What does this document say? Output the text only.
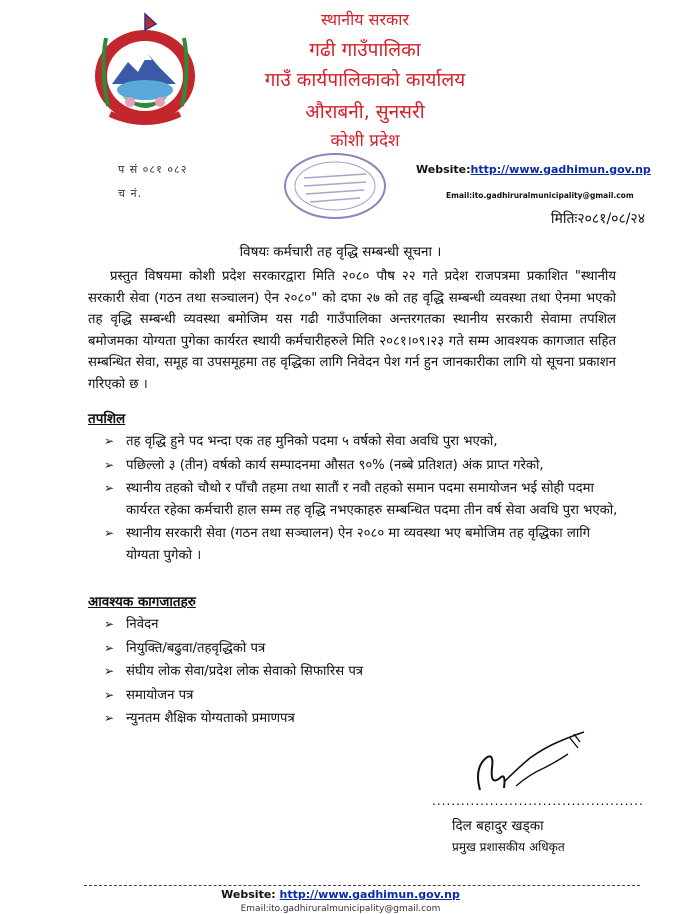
स्थानीय सरकार
गढी गाउँपालिका
गाउँ कार्यपालिकाको कार्यालय
औराबनी, सुनसरी
कोशी प्रदेश
प सं ०८१ ०८२
च नं.
Website:http://www.gadhimun.gov.np
Email:ito.gadhiruralmunicipality@gmail.com
मितिः२०८१/०८/२४
विषयः कर्मचारी तह वृद्धि सम्बन्धी सूचना ।

प्रस्तुत विषयमा कोशी प्रदेश सरकारद्वारा मिति २०८० पौष २२ गते प्रदेश राजपत्रमा प्रकाशित "स्थानीय सरकारी सेवा (गठन तथा सञ्चालन) ऐन २०८०" को दफा २७ को तह वृद्धि सम्बन्धी व्यवस्था तथा ऐनमा भएको तह वृद्धि सम्बन्धी व्यवस्था बमोजिम यस गढी गाउँपालिका अन्तरगतका स्थानीय सरकारी सेवामा तपशिल बमोजमका योग्यता पुगेका कार्यरत स्थायी कर्मचारीहरुले मिति २०८१।०९।२३ गते सम्म आवश्यक कागजात सहित सम्बन्धित सेवा, समूह वा उपसमूहमा तह वृद्धिका लागि निवेदन पेश गर्न हुन जानकारीका लागि यो सूचना प्रकाशन गरिएको छ ।

तपशिल
➢ तह वृद्धि हुने पद भन्दा एक तह मुनिको पदमा ५ वर्षको सेवा अवधि पुरा भएको,
➢ पछिल्लो ३ (तीन) वर्षको कार्य सम्पादनमा औसत ९०% (नब्बे प्रतिशत) अंक प्राप्त गरेको,
➢ स्थानीय तहको चौथो र पाँचौ तहमा तथा सातौं र नवौ तहको समान पदमा समायोजन भई सोही पदमा कार्यरत रहेका कर्मचारी हाल सम्म तह वृद्धि नभएकाहरु सम्बन्धित पदमा तीन वर्ष सेवा अवधि पुरा भएको,
➢ स्थानीय सरकारी सेवा (गठन तथा सञ्चालन) ऐन २०८० मा व्यवस्था भए बमोजिम तह वृद्धिका लागि योग्यता पुगेको ।
आवश्यक कागजातहरु
➢ निवेदन
➢ नियुक्ति/बढुवा/तहवृद्धिको पत्र
➢ संघीय लोक सेवा/प्रदेश लोक सेवाको सिफारिस पत्र
➢ समायोजन पत्र
➢ न्युनतम शैक्षिक योग्यताको प्रमाणपत्र
............................................
दिल बहादुर खड्का
प्रमुख प्रशासकीय अधिकृत
Website: http://www.gadhimun.gov.np
Email:ito.gadhiruralmunicipality@gmail.com
